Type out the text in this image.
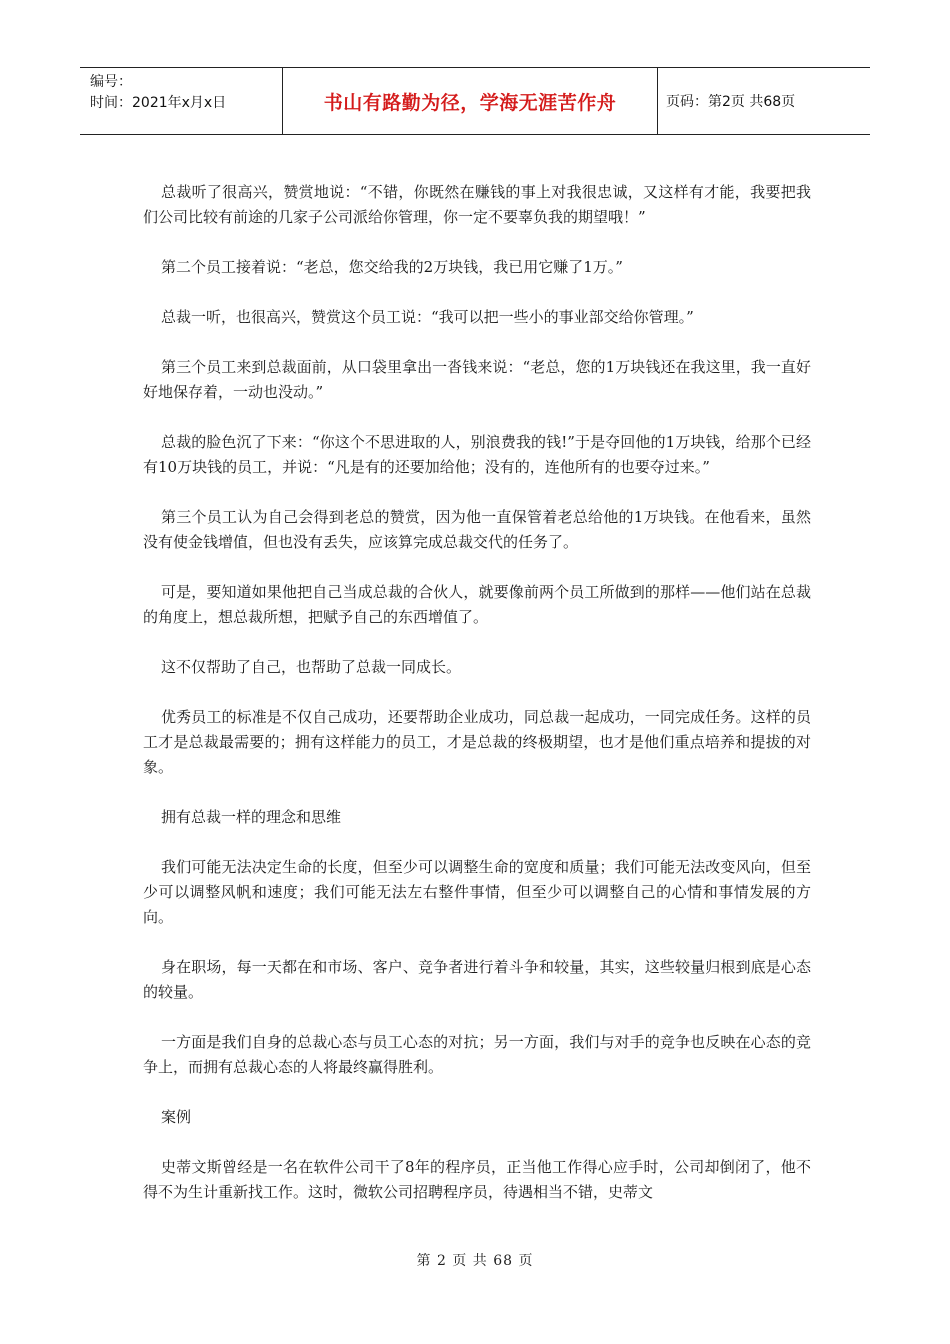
编号：
时间：2021年x月x日	书山有路勤为径，学海无涯苦作舟	页码：第2页 共68页

总裁听了很高兴，赞赏地说：“不错，你既然在赚钱的事上对我很忠诚，又这样有才能，我要把我们公司比较有前途的几家子公司派给你管理，你一定不要辜负我的期望哦！”

第二个员工接着说：“老总，您交给我的2万块钱，我已用它赚了1万。”

总裁一听，也很高兴，赞赏这个员工说：“我可以把一些小的事业部交给你管理。”

第三个员工来到总裁面前，从口袋里拿出一沓钱来说：“老总，您的1万块钱还在我这里，我一直好好地保存着，一动也没动。”

总裁的脸色沉了下来：“你这个不思进取的人，别浪费我的钱!”于是夺回他的1万块钱，给那个已经有10万块钱的员工，并说：“凡是有的还要加给他；没有的，连他所有的也要夺过来。”

第三个员工认为自己会得到老总的赞赏，因为他一直保管着老总给他的1万块钱。在他看来，虽然没有使金钱增值，但也没有丢失，应该算完成总裁交代的任务了。

可是，要知道如果他把自己当成总裁的合伙人，就要像前两个员工所做到的那样——他们站在总裁的角度上，想总裁所想，把赋予自己的东西增值了。

这不仅帮助了自己，也帮助了总裁一同成长。

优秀员工的标准是不仅自己成功，还要帮助企业成功，同总裁一起成功，一同完成任务。这样的员工才是总裁最需要的；拥有这样能力的员工，才是总裁的终极期望，也才是他们重点培养和提拔的对象。

拥有总裁一样的理念和思维

我们可能无法决定生命的长度，但至少可以调整生命的宽度和质量；我们可能无法改变风向，但至少可以调整风帆和速度；我们可能无法左右整件事情，但至少可以调整自己的心情和事情发展的方向。

身在职场，每一天都在和市场、客户、竞争者进行着斗争和较量，其实，这些较量归根到底是心态的较量。

一方面是我们自身的总裁心态与员工心态的对抗；另一方面，我们与对手的竞争也反映在心态的竞争上，而拥有总裁心态的人将最终赢得胜利。

案例

史蒂文斯曾经是一名在软件公司干了8年的程序员，正当他工作得心应手时，公司却倒闭了，他不得不为生计重新找工作。这时，微软公司招聘程序员，待遇相当不错，史蒂文

第 2 页 共 68 页
